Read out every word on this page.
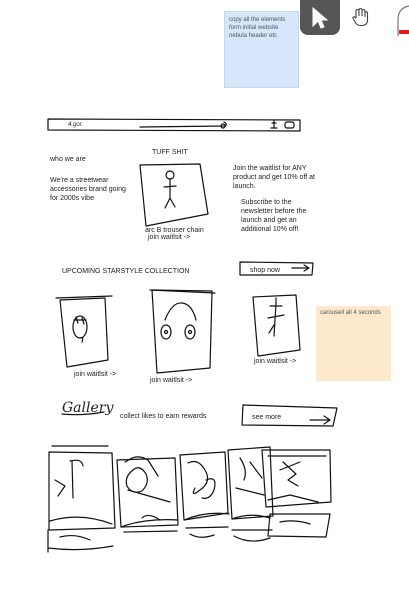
copy all the elements form initial website nebula header etc
4.gor.
who we are
We're a streetwear accessories brand going for 2000s vibe
TUFF SHIT
arc B trouser chain
join waitlsit ->
Join the waitlist for ANY product and get 10% off at launch.
Subscribe to the newsletter before the launch and get an additional 10% off!
UPCOMING STARSTYLE COLLECTION	shop now
join waitlsit ->
join waitlsit ->
join waitlsit ->
carousell all 4 seconds
Gallery
collect likes to earn rewards	see more
